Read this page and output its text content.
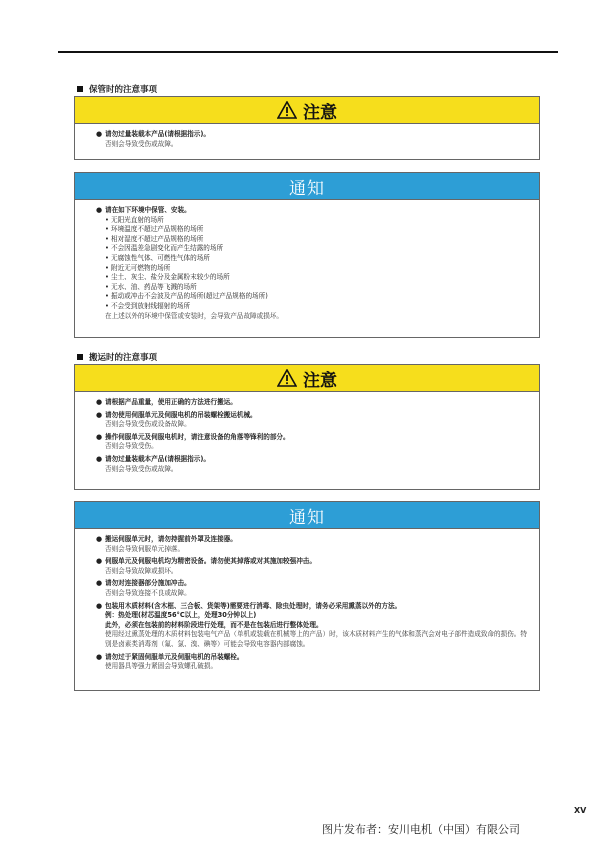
保管时的注意事项
注意
● 请勿过量装载本产品(请根据指示)。
否则会导致受伤或故障。
通知
● 请在如下环境中保管、安装。
• 无阳光直射的场所
• 环境温度不超过产品规格的场所
• 相对湿度不超过产品规格的场所
• 不会因温差急剧变化而产生结露的场所
• 无腐蚀性气体、可燃性气体的场所
• 附近无可燃物的场所
• 尘土、灰尘、盐分及金属粉末较少的场所
• 无水、油、药品等飞溅的场所
• 振动或冲击不会波及产品的场所(超过产品规格的场所)
• 不会受到放射线辐射的场所
在上述以外的环境中保管或安装时，会导致产品故障或损坏。
搬运时的注意事项
注意
● 请根据产品重量，使用正确的方法进行搬运。
● 请勿使用伺服单元及伺服电机的吊装螺栓搬运机械。
否则会导致受伤或设备故障。
● 操作伺服单元及伺服电机时，请注意设备的角落等锋利的部分。
否则会导致受伤。
● 请勿过量装载本产品(请根据指示)。
否则会导致受伤或故障。
通知
● 搬运伺服单元时，请勿持握前外罩及连接器。
否则会导致伺服单元掉落。
● 伺服单元及伺服电机均为精密设备。请勿使其掉落或对其施加较强冲击。
否则会导致故障或损坏。
● 请勿对连接器部分施加冲击。
否则会导致连接不良或故障。
● 包装用木质材料(含木框、三合板、货架等)需要进行消毒、除虫处理时，请务必采用熏蒸以外的方法。
例：热处理(材芯温度56°C以上，处理30分钟以上)
此外，必须在包装前的材料阶段进行处理，而不是在包装后进行整体处理。
使用经过熏蒸处理的木质材料包装电气产品（单机或装载在机械等上的产品）时，该木质材料产生的气体和蒸汽会对电子部件造成致命的损伤。特别是卤素类消毒剂（氟、氯、溴、碘等）可能会导致电容器内部腐蚀。
● 请勿过于紧固伺服单元及伺服电机的吊装螺栓。
使用器具等强力紧固会导致螺孔破损。
XV
图片发布者：安川电机（中国）有限公司
